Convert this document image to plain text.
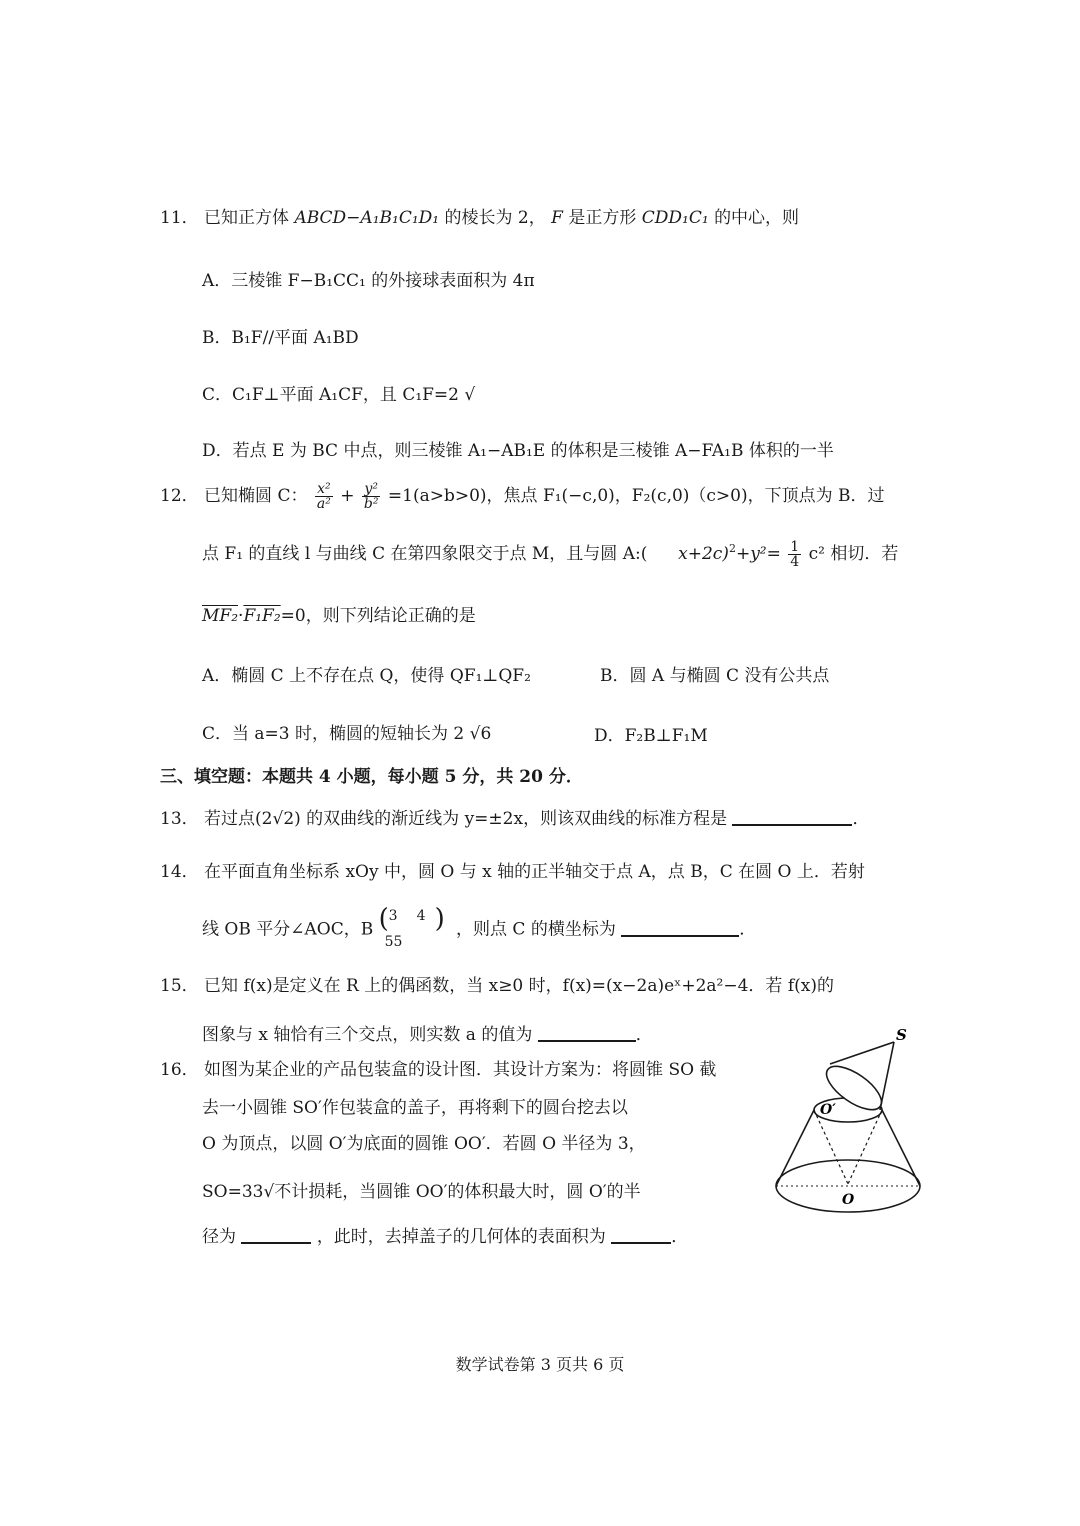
11． 已知正方体 ABCD−A₁B₁C₁D₁ 的棱长为 2， F 是正方形 CDD₁C₁ 的中心，则
A．三棱锥 F−B₁CC₁ 的外接球表面积为 4π
B．B₁F//平面 A₁BD
C．C₁F⊥平面 A₁CF，且 C₁F=2 √
D．若点 E 为 BC 中点，则三棱锥 A₁−AB₁E 的体积是三棱锥 A−FA₁B 体积的一半
12． 已知椭圆 C： $\frac{\text{x²}}{\text{a²}} + \frac{\text{y²}}{\text{b²}} =1(a>b>0)$，焦点 F₁(−c,0)，F₂(c,0)（c>0)，下顶点为 B．过
点 F₁ 的直线 l 与曲线 C 在第四象限交于点 M，且与圆 A:( $x+2c)^2+y^2= \frac{1}{4} c^2$ 相切．若
MF₂·F₁F₂=0，则下列结论正确的是
A．椭圆 C 上不存在点 Q，使得 QF₁⊥QF₂	B．圆 A 与椭圆 C 没有公共点
C．当 a=3 时，椭圆的短轴长为 2 √6	D．F₂B⊥F₁M
三、填空题：本题共 4 小题，每小题 5 分，共 20 分．
13． 若过点(2√2) 的双曲线的渐近线为 y=±2x，则该双曲线的标准方程是	．
14． 在平面直角坐标系 xOy 中，圆 O 与 x 轴的正半轴交于点 A，点 B，C 在圆 O 上．若射
线 OB 平分∠AOC，B ( 3 4
55
) ，则点 C 的横坐标为	．
15． 已知 f(x)是定义在 R 上的偶函数，当 x≥0 时，f(x)=(x−2a)eˣ+2a²−4．若 f(x)的
图象与 x 轴恰有三个交点，则实数 a 的值为	．
16． 如图为某企业的产品包装盒的设计图．其设计方案为：将圆锥 SO 截
去一小圆锥 SO′作包装盒的盖子，再将剩下的圆台挖去以
O 为顶点，以圆 O′为底面的圆锥 OO′．若圆 O 半径为 3，
SO=33√不计损耗，当圆锥 OO′的体积最大时，圆 O′的半
径为	，此时，去掉盖子的几何体的表面积为	．
S
O′
O
数学试卷第 3 页共 6 页
